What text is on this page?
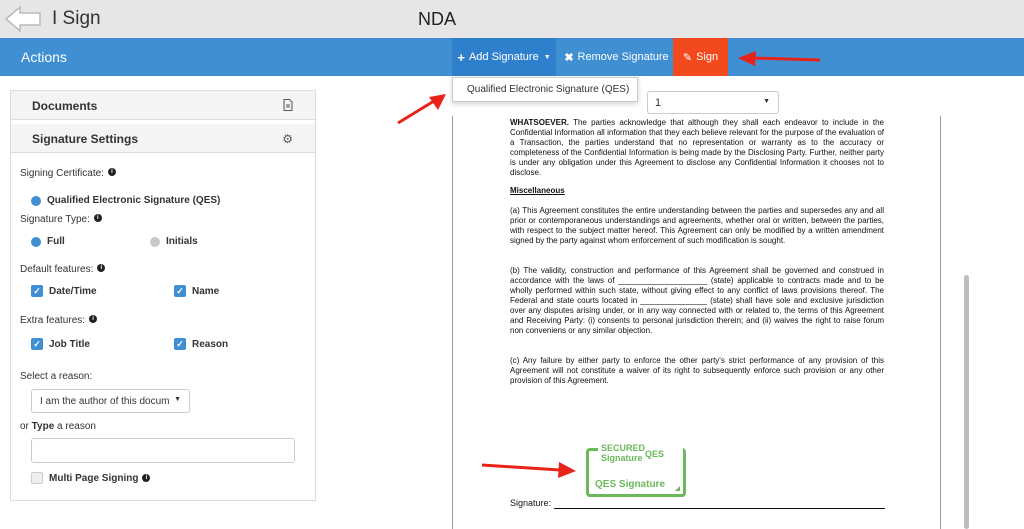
I Sign	NDA
Actions	+ Add Signature ▼ ✖ Remove Signature ✎ Sign
Qualified Electronic Signature (QES)
Documents
Signature Settings	⚙
Signing Certificate: i
Qualified Electronic Signature (QES)
Signature Type: i
Full	Initials
Default features: i
✓ Date/Time	✓ Name
Extra features: i
✓ Job Title	✓ Reason
Select a reason:
I am the author of this docum ▼
or Type a reason
Multi Page Signing	i
1	▼
WHATSOEVER. The parties acknowledge that although they shall each endeavor to include in the Confidential Information all information that they each believe relevant for the purpose of the evaluation of a Transaction, the parties understand that no representation or warranty as to the accuracy or completeness of the Confidential Information is being made by the Disclosing Party. Further, neither party is under any obligation under this Agreement to disclose any Confidential Information it chooses not to disclose.
Miscellaneous
(a) This Agreement constitutes the entire understanding between the parties and supersedes any and all prior or contemporaneous understandings and agreements, whether oral or written, between the parties, with respect to the subject matter hereof. This Agreement can only be modified by a written amendment signed by the party against whom enforcement of such modification is sought.
(b) The validity, construction and performance of this Agreement shall be governed and construed in accordance with the laws of ____________________ (state) applicable to contracts made and to be wholly performed within such state, without giving effect to any conflict of laws provisions thereof. The Federal and state courts located in _______________ (state) shall have sole and exclusive jurisdiction over any disputes arising under, or in any way connected with or related to, the terms of this Agreement and Receiving Party: (i) consents to personal jurisdiction therein; and (ii) waives the right to raise forum non conveniens or any similar objection.
(c) Any failure by either party to enforce the other party's strict performance of any provision of this Agreement will not constitute a waiver of its right to subsequently enforce such provision or any other provision of this Agreement.
SECURED Signature QES
QES Signature
Signature:
